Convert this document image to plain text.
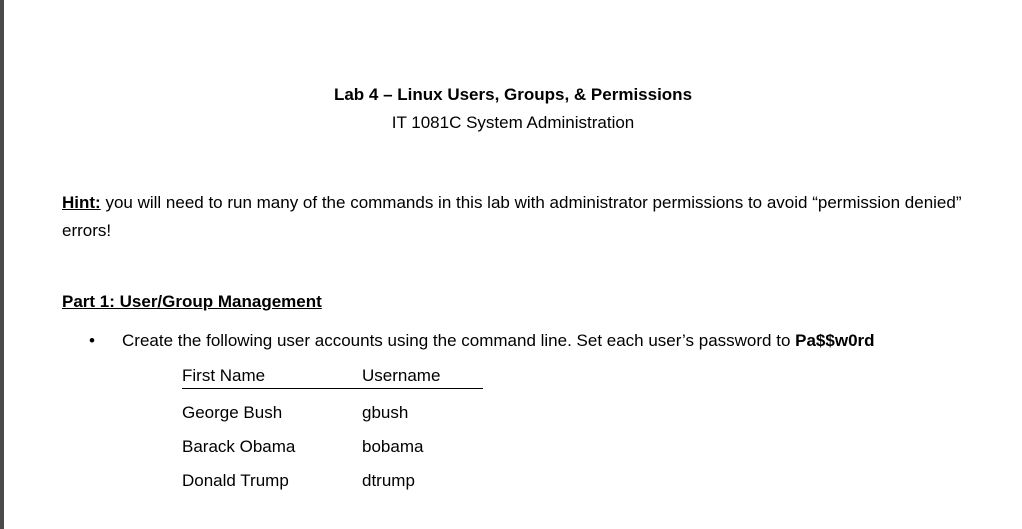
Lab 4 – Linux Users, Groups, & Permissions
IT 1081C System Administration
Hint: you will need to run many of the commands in this lab with administrator permissions to avoid “permission denied” errors!
Part 1: User/Group Management
• Create the following user accounts using the command line. Set each user’s password to Pa$$w0rd
First Name	Username
George Bush	gbush
Barack Obama	bobama
Donald Trump	dtrump
